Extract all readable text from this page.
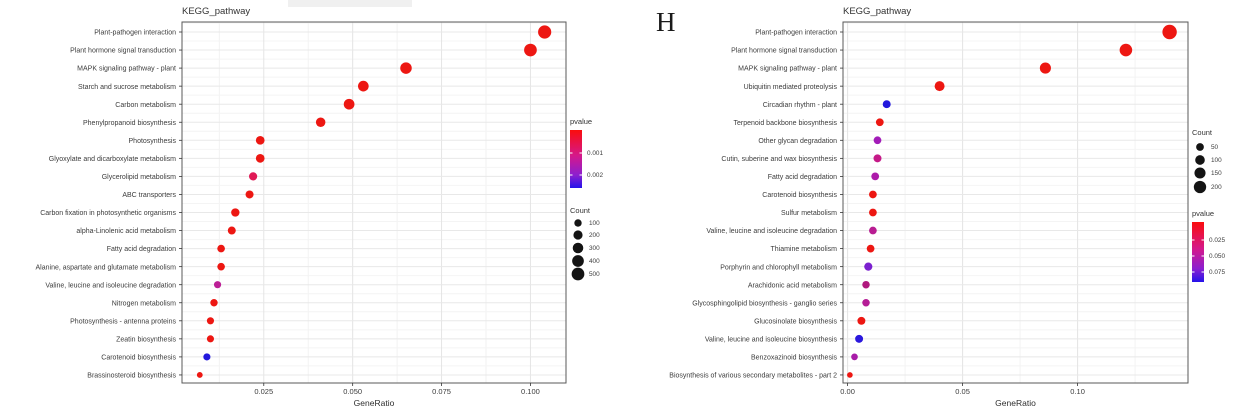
H
Plant-pathogen interaction
Plant hormone signal transduction
MAPK signaling pathway - plant
Starch and sucrose metabolism
Carbon metabolism
Phenylpropanoid biosynthesis
Photosynthesis
Glyoxylate and dicarboxylate metabolism
Glycerolipid metabolism
ABC transporters
Carbon fixation in photosynthetic organisms
alpha-Linolenic acid metabolism
Fatty acid degradation
Alanine, aspartate and glutamate metabolism
Valine, leucine and isoleucine degradation
Nitrogen metabolism
Photosynthesis - antenna proteins
Zeatin biosynthesis
Carotenoid biosynthesis
Brassinosteroid biosynthesis
0.025	0.050	0.075	0.100
GeneRatio
KEGG_pathway
pvalue
0.001
0.002
Count
100
200
300
400
500
Plant-pathogen interaction
Plant hormone signal transduction
MAPK signaling pathway - plant
Ubiquitin mediated proteolysis
Circadian rhythm - plant
Terpenoid backbone biosynthesis
Other glycan degradation
Cutin, suberine and wax biosynthesis
Fatty acid degradation
Carotenoid biosynthesis
Sulfur metabolism
Valine, leucine and isoleucine degradation
Thiamine metabolism
Porphyrin and chlorophyll metabolism
Arachidonic acid metabolism
Glycosphingolipid biosynthesis - ganglio series
Glucosinolate biosynthesis
Valine, leucine and isoleucine biosynthesis
Benzoxazinoid biosynthesis
Biosynthesis of various secondary metabolites - part 2
0.00	0.05	0.10
GeneRatio
KEGG_pathway
Count
50
100
150
200
pvalue
0.025
0.050
0.075
